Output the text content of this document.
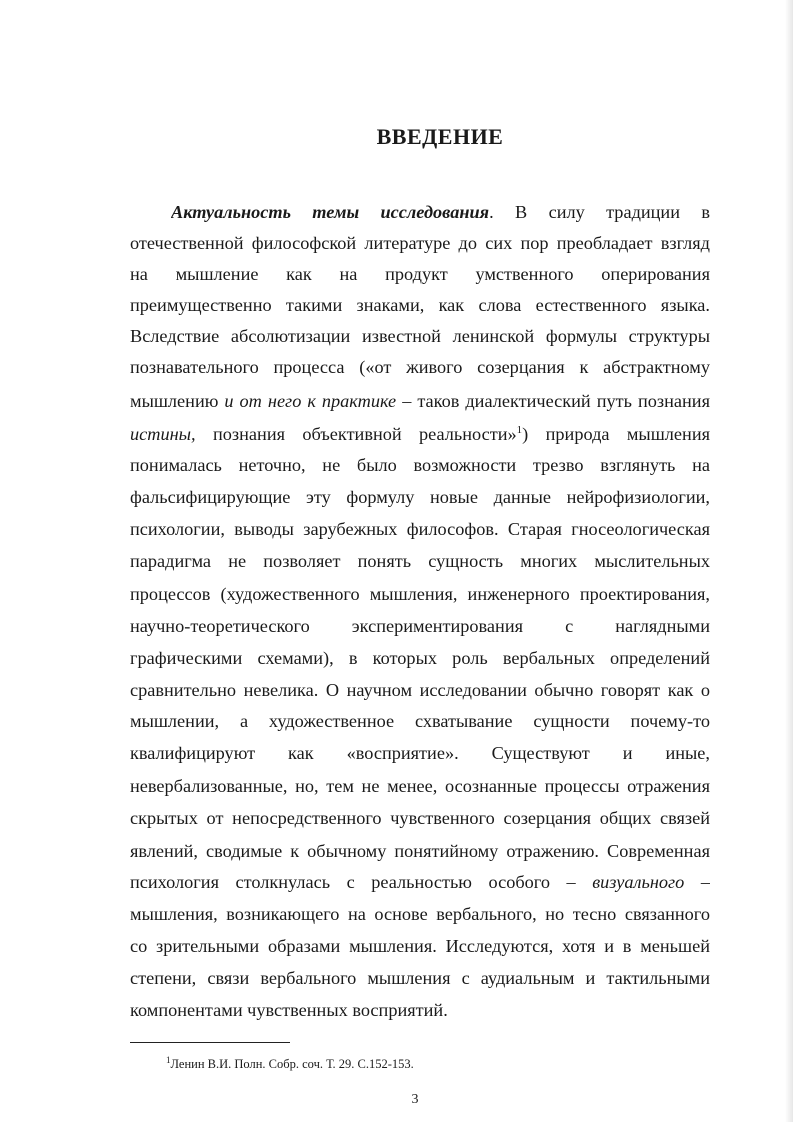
ВВЕДЕНИЕ
Актуальность темы исследования. В силу традиции в
отечественной философской литературе до сих пор преобладает взгляд
на мышление как на продукт умственного оперирования
преимущественно такими знаками, как слова естественного языка.
Вследствие абсолютизации известной ленинской формулы структуры
познавательного процесса («от живого созерцания к абстрактному
мышлению и от него к практике – таков диалектический путь познания
истины, познания объективной реальности»$^1$) природа мышления
понималась неточно, не было возможности трезво взглянуть на
фальсифицирующие эту формулу новые данные нейрофизиологии,
психологии, выводы зарубежных философов. Старая гносеологическая
парадигма не позволяет понять сущность многих мыслительных
процессов (художественного мышления, инженерного проектирования,
научно-теоретического экспериментирования с наглядными
графическими схемами), в которых роль вербальных определений
сравнительно невелика. О научном исследовании обычно говорят как о
мышлении, а художественное схватывание сущности почему-то
квалифицируют как «восприятие». Существуют и иные,
невербализованные, но, тем не менее, осознанные процессы отражения
скрытых от непосредственного чувственного созерцания общих связей
явлений, сводимые к обычному понятийному отражению. Современная
психология столкнулась с реальностью особого – визуального –
мышления, возникающего на основе вербального, но тесно связанного
со зрительными образами мышления. Исследуются, хотя и в меньшей
степени, связи вербального мышления с аудиальным и тактильными
компонентами чувственных восприятий.
$^1$Ленин В.И. Полн. Собр. соч. Т. 29. С.152-153.
3
